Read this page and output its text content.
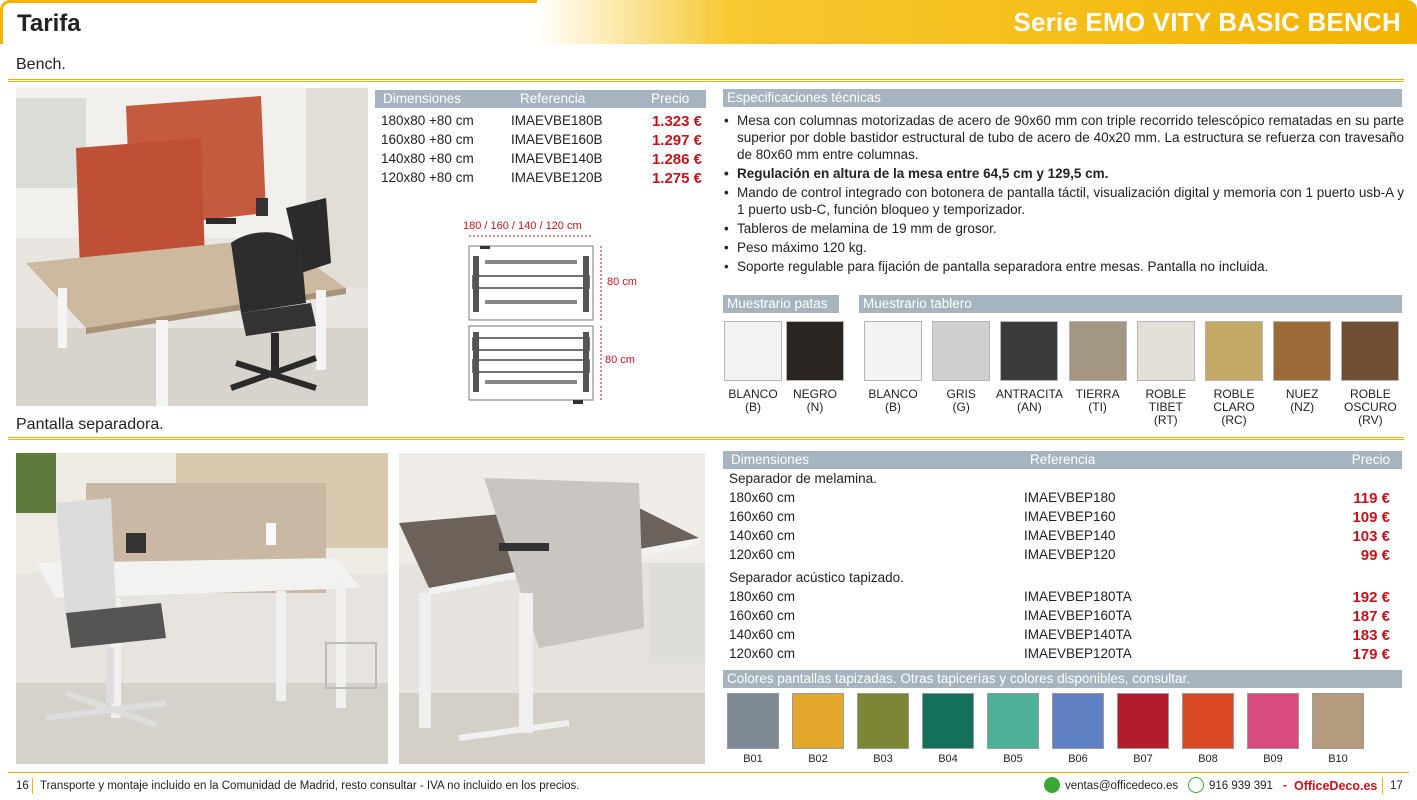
Tarifa	Serie EMO VITY BASIC BENCH
Bench.
Dimensiones	Referencia	Precio
180x80 +80 cm	IMAEVBE180B	1.323 €
160x80 +80 cm	IMAEVBE160B	1.297 €
140x80 +80 cm	IMAEVBE140B	1.286 €
120x80 +80 cm	IMAEVBE120B	1.275 €
180 / 160 / 140 / 120 cm
80 cm
80 cm
Especificaciones técnicas
• Mesa con columnas motorizadas de acero de 90x60 mm con triple recorrido telescópico rematadas en su parte superior por doble bastidor estructural de tubo de acero de 40x20 mm. La estructura se refuerza con travesaño de 80x60 mm entre columnas.
• Regulación en altura de la mesa entre 64,5 cm y 129,5 cm.
• Mando de control integrado con botonera de pantalla táctil, visualización digital y memoria con 1 puerto usb-A y 1 puerto usb-C, función bloqueo y temporizador.
• Tableros de melamina de 19 mm de grosor.
• Peso máximo 120 kg.
• Soporte regulable para fijación de pantalla separadora entre mesas. Pantalla no incluida.
Muestrario patas
BLANCO
(B)
NEGRO
(N)
Muestrario tablero
BLANCO
(B)
GRIS
(G)
ANTRACITA
(AN)
TIERRA
(TI)
ROBLE
TIBET
(RT)
ROBLE
CLARO
(RC)
NUEZ
(NZ)
ROBLE
OSCURO
(RV)
Pantalla separadora.
Dimensiones	Referencia	Precio
Separador de melamina.
180x60 cm	IMAEVBEP180	119 €
160x60 cm	IMAEVBEP160	109 €
140x60 cm	IMAEVBEP140	103 €
120x60 cm	IMAEVBEP120	99 €
Separador acústico tapizado.
180x60 cm	IMAEVBEP180TA	192 €
160x60 cm	IMAEVBEP160TA	187 €
140x60 cm	IMAEVBEP140TA	183 €
120x60 cm	IMAEVBEP120TA	179 €
Colores pantallas tapizadas. Otras tapicerías y colores disponibles, consultar.
B01	B02	B03	B04	B05	B06	B07	B08	B09	B10
16 Transporte y montaje incluido en la Comunidad de Madrid, resto consultar - IVA no incluido en los precios.	ventas@officedeco.es	916 939 391 - OfficeDeco.es 17
